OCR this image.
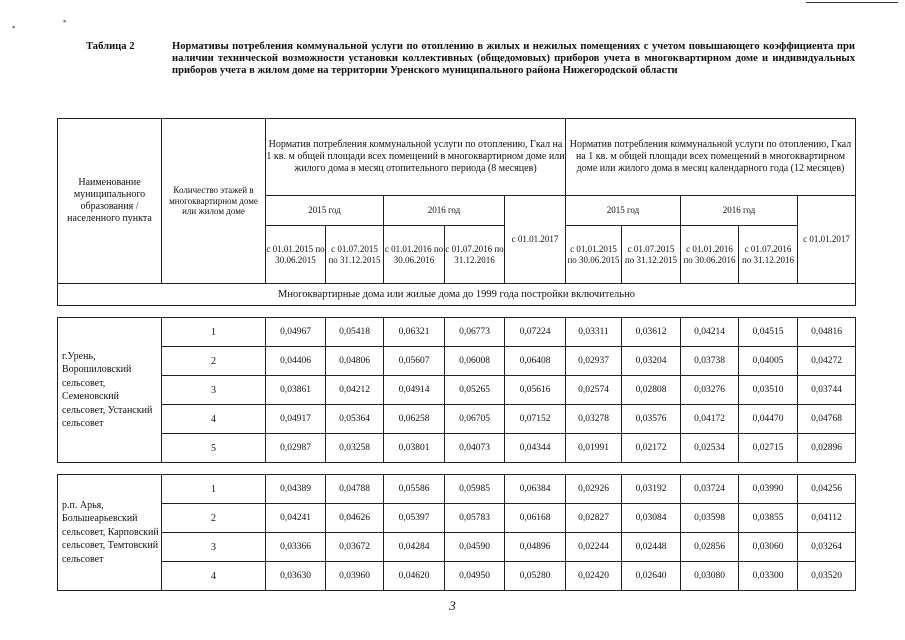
▪
▪
Таблица 2	Нормативы потребления коммунальной услуги по отоплению в жилых и нежилых помещениях с учетом повышающего коэффициента при наличии технической возможности установки коллективных (общедомовых) приборов учета в многоквартирном доме и индивидуальных приборов учета в жилом доме на территории Уренского муниципального района Нижегородской области
Наименование муниципального образования / населенного пункта	Количество этажей в многоквартирном доме или жилом доме	Норматив потребления коммунальной услуги по отоплению, Гкал на 1 кв. м общей площади всех помещений в многоквартирном доме или жилого дома в месяц отопительного периода (8 месяцев)					Норматив потребления коммунальной услуги по отоплению, Гкал на 1 кв. м общей площади всех помещений в многоквартирном доме или жилого дома в месяц календарного года (12 месяцев)				
		2015 год		2016 год		с 01.01.2017	2015 год		2016 год		с 01.01.2017
		с 01.01.2015 по 30.06.2015	с 01.07.2015 по 31.12.2015	с 01.01.2016 по 30.06.2016	с 01.07.2016 по 31.12.2016		с 01.01.2015 по 30.06.2015	с 01.07.2015 по 31.12.2015	с 01.01.2016 по 30.06.2016	с 01.07.2016 по 31.12.2016	
Многоквартирные дома или жилые дома до 1999 года постройки включительно											

г.Урень, Ворошиловский сельсовет, Семеновский сельсовет, Устанский сельсовет	1	0,04967	0,05418	0,06321	0,06773	0,07224	0,03311	0,03612	0,04214	0,04515	0,04816
	2	0,04406	0,04806	0,05607	0,06008	0,06408	0,02937	0,03204	0,03738	0,04005	0,04272
	3	0,03861	0,04212	0,04914	0,05265	0,05616	0,02574	0,02808	0,03276	0,03510	0,03744
	4	0,04917	0,05364	0,06258	0,06705	0,07152	0,03278	0,03576	0,04172	0,04470	0,04768
	5	0,02987	0,03258	0,03801	0,04073	0,04344	0,01991	0,02172	0,02534	0,02715	0,02896

р.п. Арья, Большеарьевский сельсовет, Карповский сельсовет, Темтовский сельсовет	1	0,04389	0,04788	0,05586	0,05985	0,06384	0,02926	0,03192	0,03724	0,03990	0,04256
	2	0,04241	0,04626	0,05397	0,05783	0,06168	0,02827	0,03084	0,03598	0,03855	0,04112
	3	0,03366	0,03672	0,04284	0,04590	0,04896	0,02244	0,02448	0,02856	0,03060	0,03264
	4	0,03630	0,03960	0,04620	0,04950	0,05280	0,02420	0,02640	0,03080	0,03300	0,03520
3
